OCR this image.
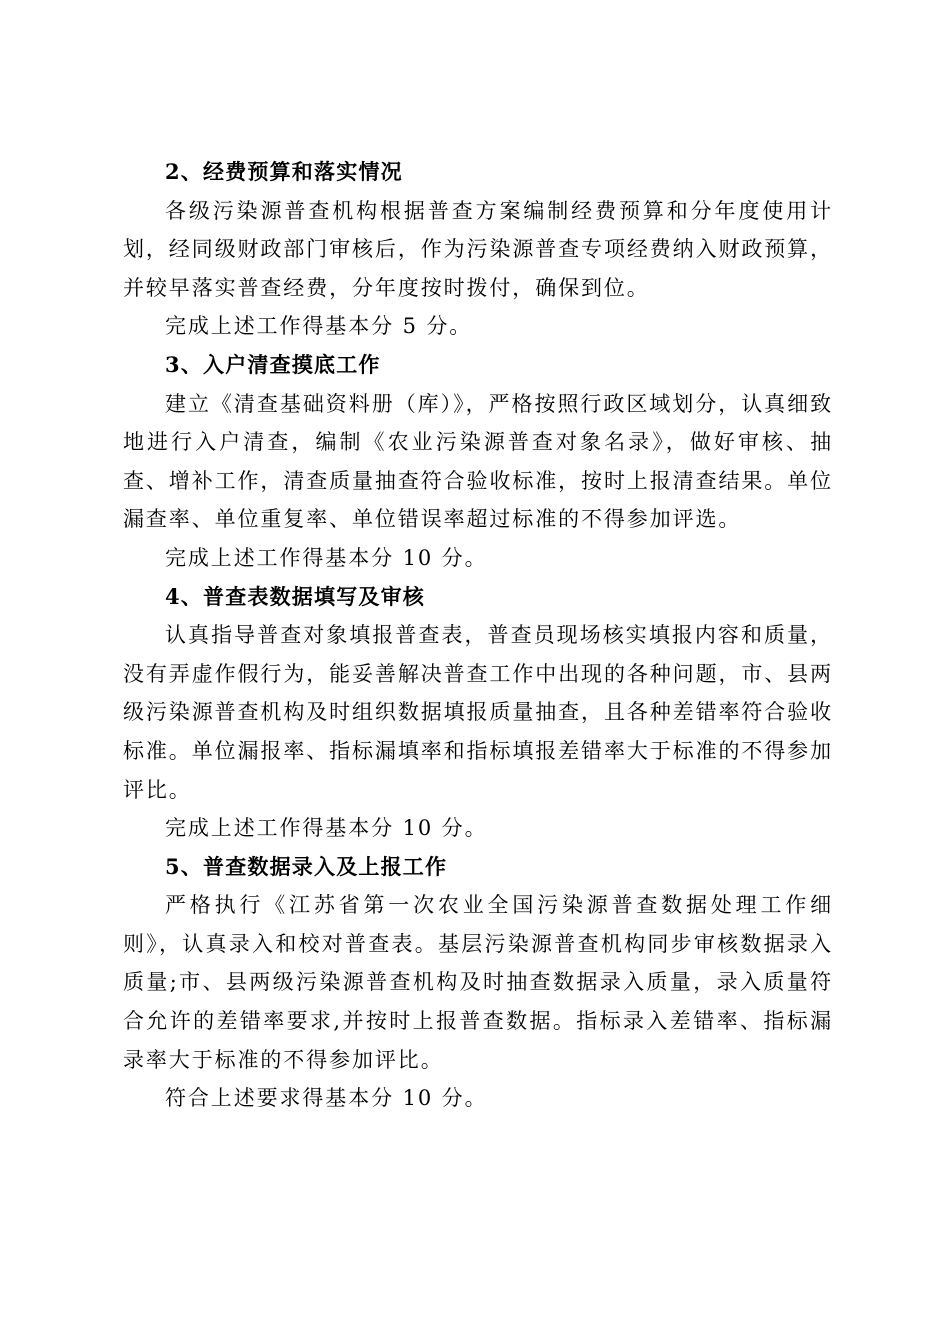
2、经费预算和落实情况

各级污染源普查机构根据普查方案编制经费预算和分年度使用计划，经同级财政部门审核后，作为污染源普查专项经费纳入财政预算，并较早落实普查经费，分年度按时拨付，确保到位。

完成上述工作得基本分 5 分。

3、入户清查摸底工作

建立《清查基础资料册（库）》，严格按照行政区域划分，认真细致地进行入户清查，编制《农业污染源普查对象名录》，做好审核、抽查、增补工作，清查质量抽查符合验收标准，按时上报清查结果。单位漏查率、单位重复率、单位错误率超过标准的不得参加评选。

完成上述工作得基本分 10 分。

4、普查表数据填写及审核

认真指导普查对象填报普查表，普查员现场核实填报内容和质量，没有弄虚作假行为，能妥善解决普查工作中出现的各种问题，市、县两级污染源普查机构及时组织数据填报质量抽查，且各种差错率符合验收标准。单位漏报率、指标漏填率和指标填报差错率大于标准的不得参加评比。

完成上述工作得基本分 10 分。

5、普查数据录入及上报工作

严格执行《江苏省第一次农业全国污染源普查数据处理工作细则》，认真录入和校对普查表。基层污染源普查机构同步审核数据录入质量;市、县两级污染源普查机构及时抽查数据录入质量，录入质量符合允许的差错率要求,并按时上报普查数据。指标录入差错率、指标漏录率大于标准的不得参加评比。

符合上述要求得基本分 10 分。
